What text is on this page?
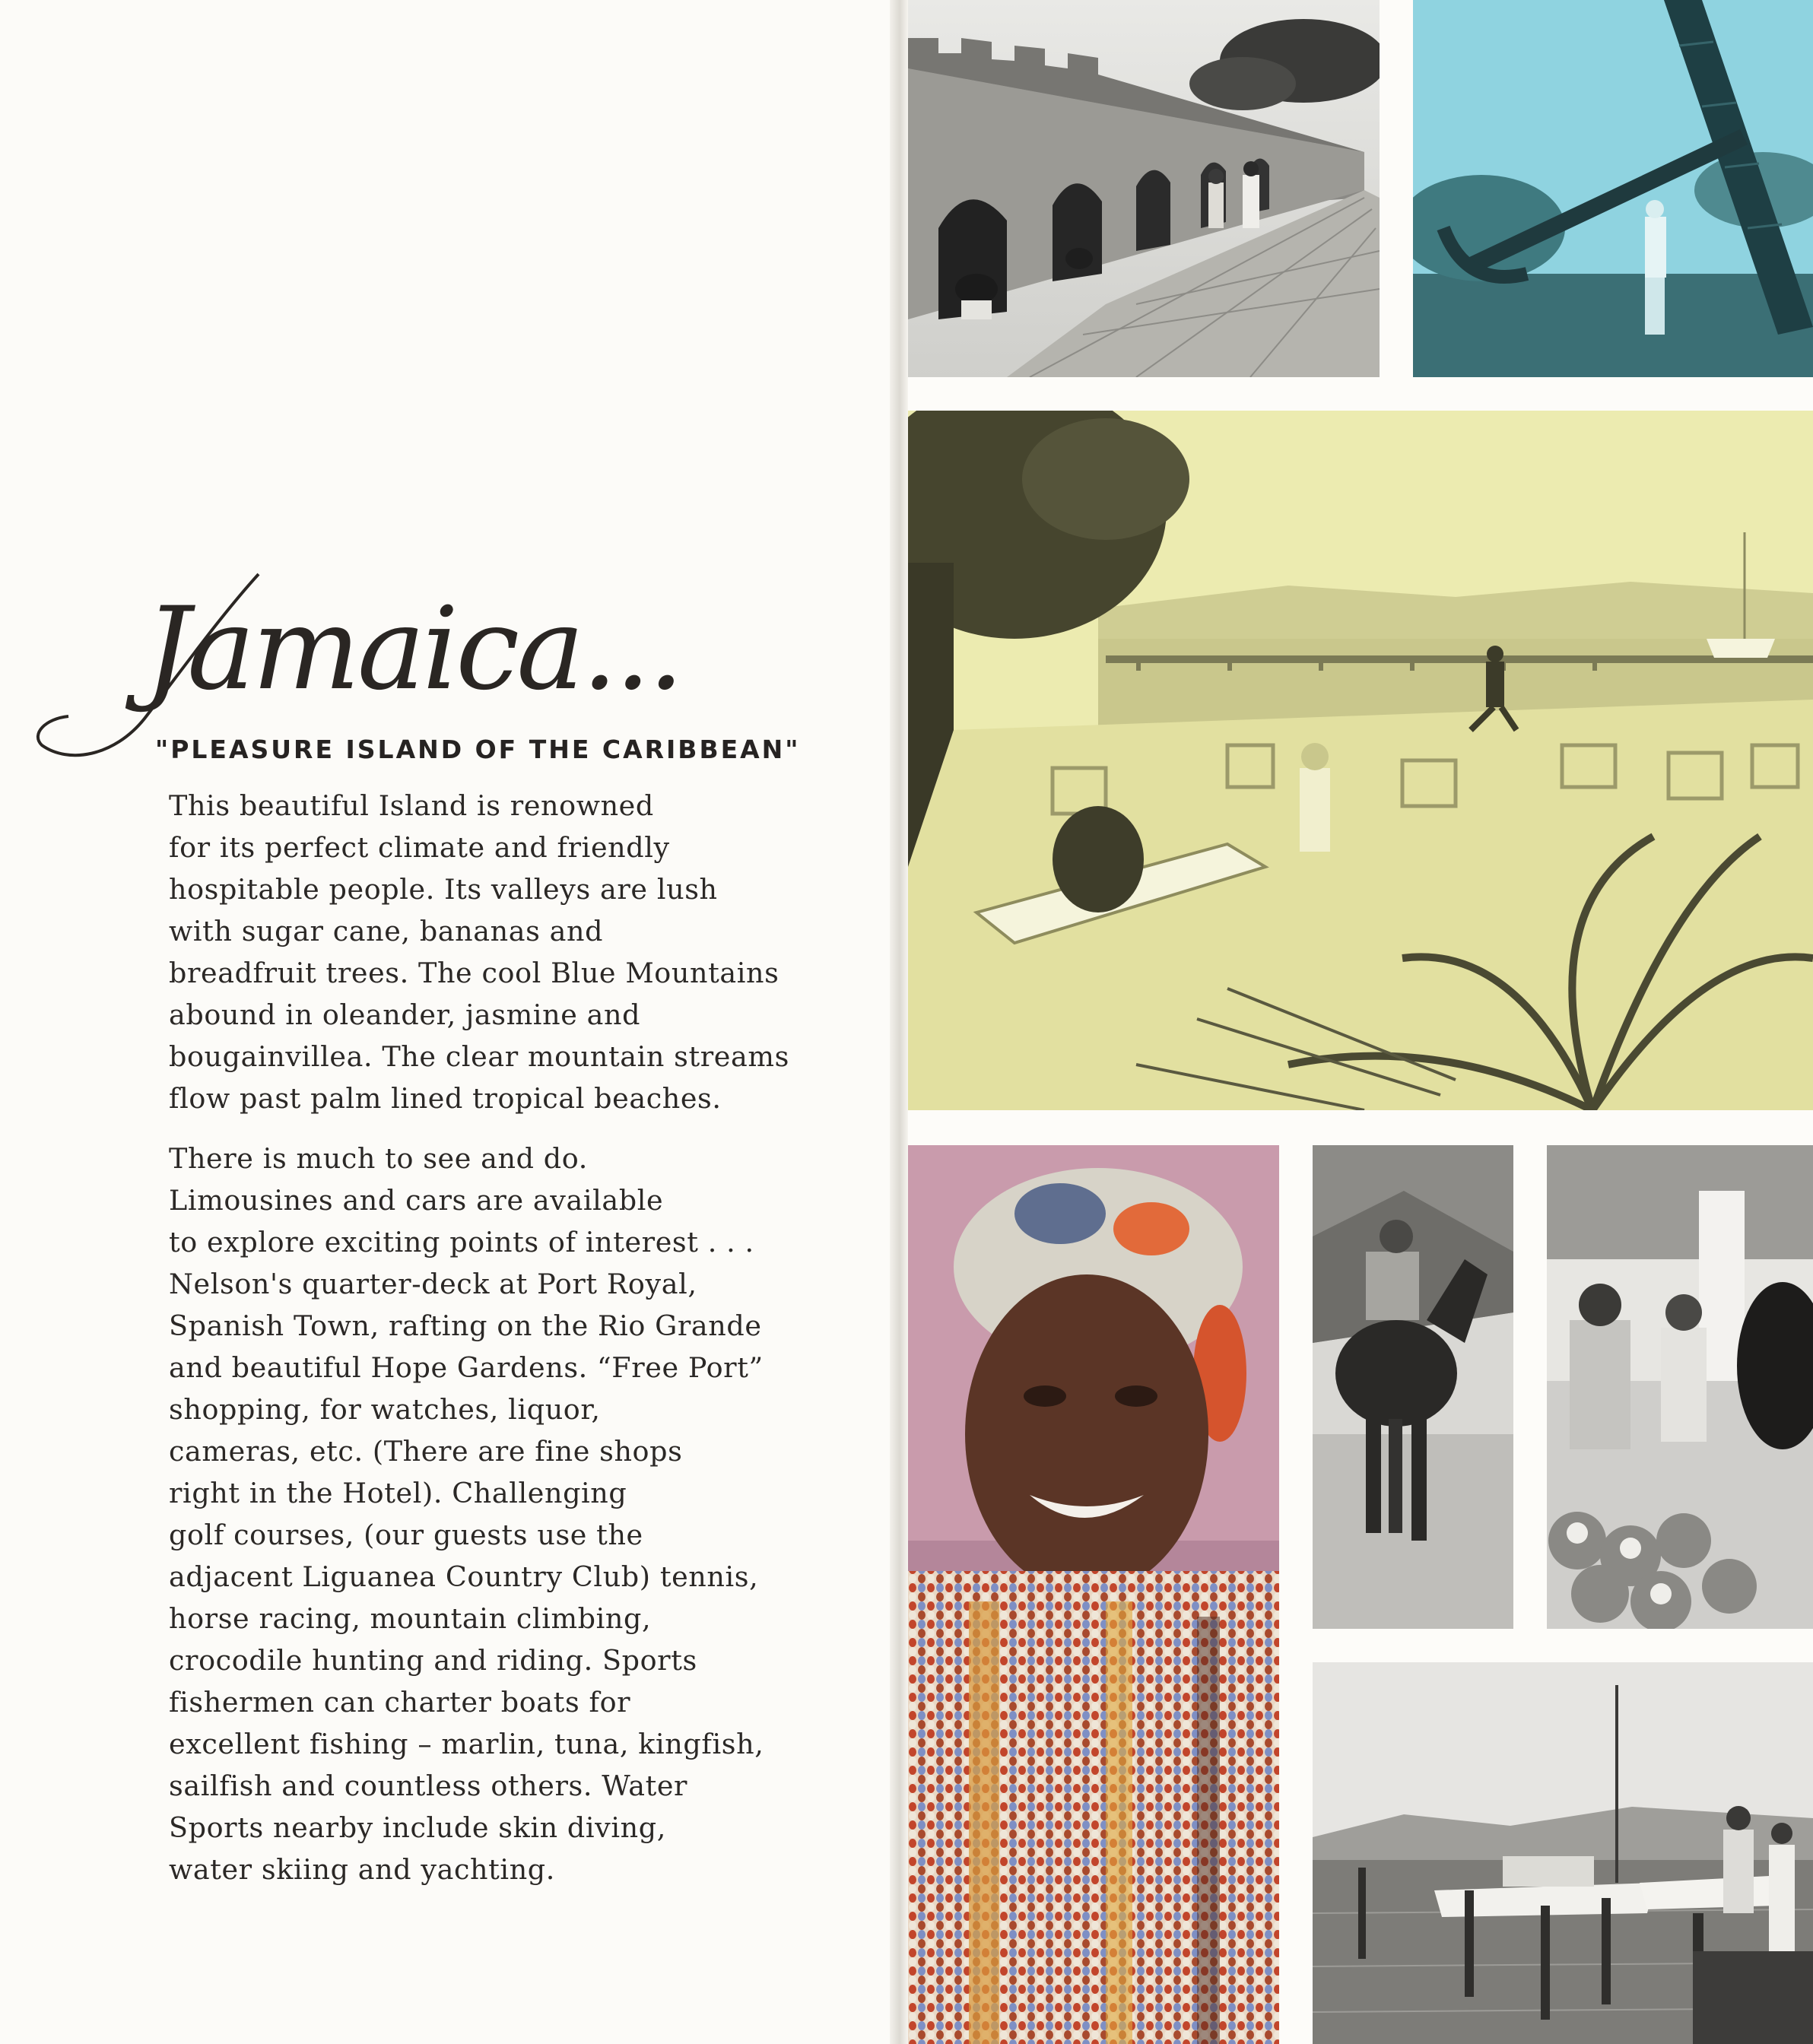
Jamaica...
"PLEASURE ISLAND OF THE CARIBBEAN"
This beautiful Island is renowned
for its perfect climate and friendly
hospitable people. Its valleys are lush
with sugar cane, bananas and
breadfruit trees. The cool Blue Mountains
abound in oleander, jasmine and
bougainvillea. The clear mountain streams
flow past palm lined tropical beaches.
There is much to see and do.
Limousines and cars are available
to explore exciting points of interest . . .
Nelson's quarter-deck at Port Royal,
Spanish Town, rafting on the Rio Grande
and beautiful Hope Gardens. “Free Port”
shopping, for watches, liquor,
cameras, etc. (There are fine shops
right in the Hotel). Challenging
golf courses, (our guests use the
adjacent Liguanea Country Club) tennis,
horse racing, mountain climbing,
crocodile hunting and riding. Sports
fishermen can charter boats for
excellent fishing – marlin, tuna, kingfish,
sailfish and countless others. Water
Sports nearby include skin diving,
water skiing and yachting.
